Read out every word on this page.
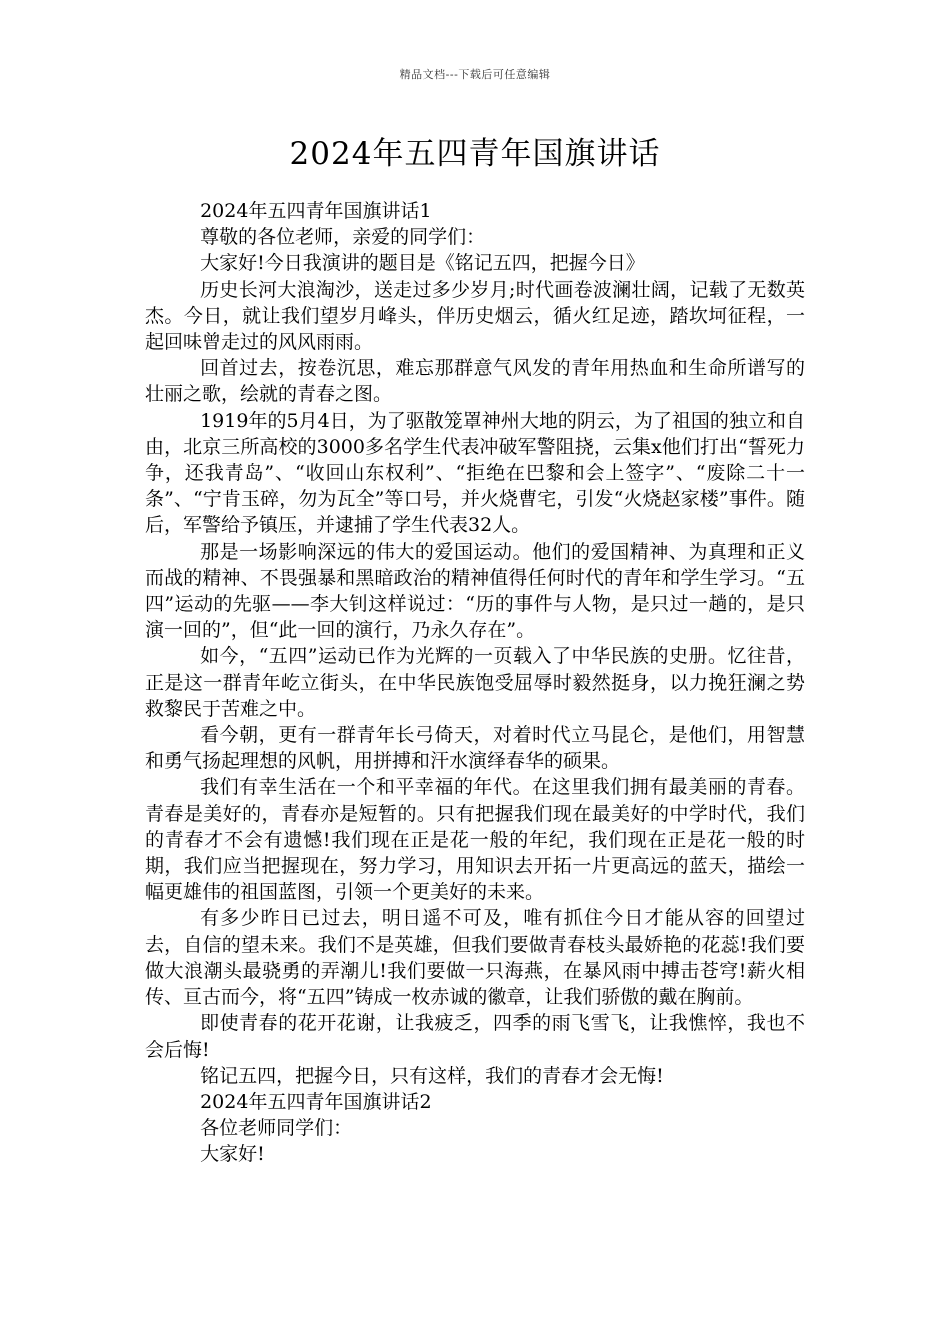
精品文档---下载后可任意编辑
2024年五四青年国旗讲话

2024年五四青年国旗讲话1

尊敬的各位老师，亲爱的同学们：

大家好!今日我演讲的题目是《铭记五四，把握今日》

历史长河大浪淘沙，送走过多少岁月;时代画卷波澜壮阔，记载了无数英杰。今日，就让我们望岁月峰头，伴历史烟云，循火红足迹，踏坎坷征程，一起回味曾走过的风风雨雨。

回首过去，按卷沉思，难忘那群意气风发的青年用热血和生命所谱写的壮丽之歌，绘就的青春之图。

1919年的5月4日，为了驱散笼罩神州大地的阴云，为了祖国的独立和自由，北京三所高校的3000多名学生代表冲破军警阻挠，云集x他们打出“誓死力争，还我青岛”、“收回山东权利”、“拒绝在巴黎和会上签字”、“废除二十一条”、“宁肯玉碎，勿为瓦全”等口号，并火烧曹宅，引发“火烧赵家楼”事件。随后，军警给予镇压，并逮捕了学生代表32人。

那是一场影响深远的伟大的爱国运动。他们的爱国精神、为真理和正义而战的精神、不畏强暴和黑暗政治的精神值得任何时代的青年和学生学习。“五四”运动的先驱——李大钊这样说过：“历的事件与人物，是只过一趟的，是只演一回的”，但“此一回的演行，乃永久存在”。

如今，“五四”运动已作为光辉的一页载入了中华民族的史册。忆往昔，正是这一群青年屹立街头，在中华民族饱受屈辱时毅然挺身，以力挽狂澜之势救黎民于苦难之中。

看今朝，更有一群青年长弓倚天，对着时代立马昆仑，是他们，用智慧和勇气扬起理想的风帆，用拼搏和汗水演绎春华的硕果。

我们有幸生活在一个和平幸福的年代。在这里我们拥有最美丽的青春。青春是美好的，青春亦是短暂的。只有把握我们现在最美好的中学时代，我们的青春才不会有遗憾!我们现在正是花一般的年纪，我们现在正是花一般的时期，我们应当把握现在，努力学习，用知识去开拓一片更高远的蓝天，描绘一幅更雄伟的祖国蓝图，引领一个更美好的未来。

有多少昨日已过去，明日遥不可及，唯有抓住今日才能从容的回望过去，自信的望未来。我们不是英雄，但我们要做青春枝头最娇艳的花蕊!我们要做大浪潮头最骁勇的弄潮儿!我们要做一只海燕，在暴风雨中搏击苍穹!薪火相传、亘古而今，将“五四”铸成一枚赤诚的徽章，让我们骄傲的戴在胸前。

即使青春的花开花谢，让我疲乏，四季的雨飞雪飞，让我憔悴，我也不会后悔!

铭记五四，把握今日，只有这样，我们的青春才会无悔!

2024年五四青年国旗讲话2

各位老师同学们：

大家好!
